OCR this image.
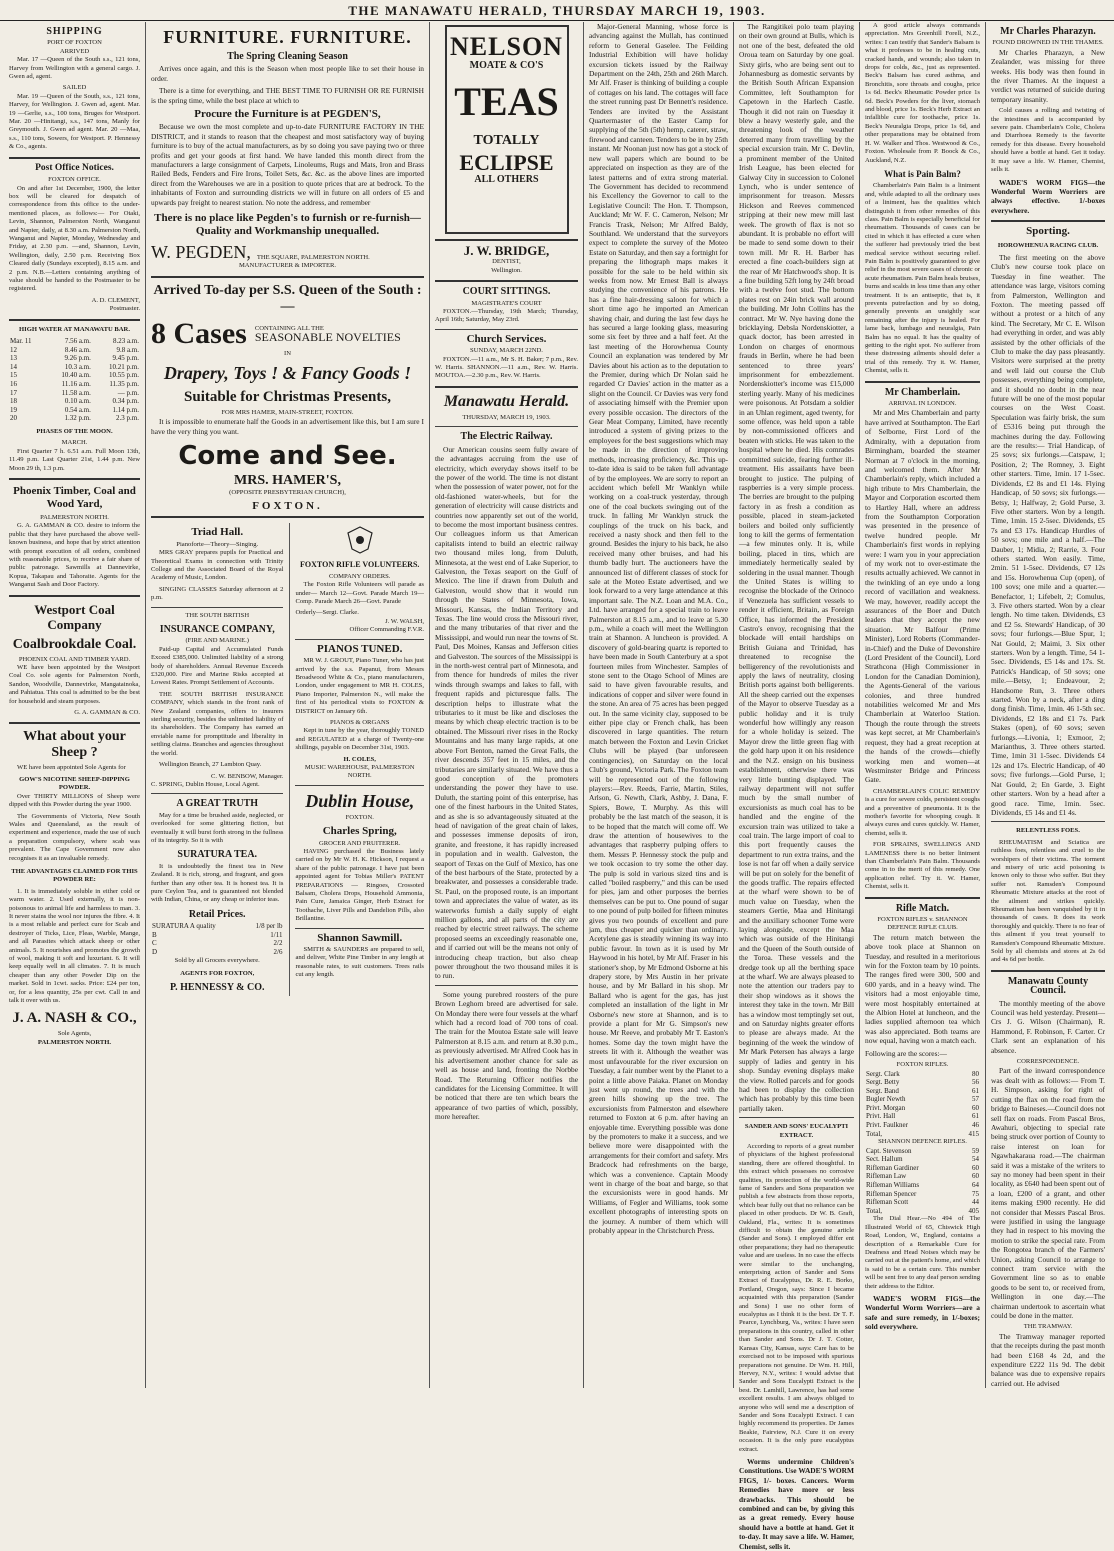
THE MANAWATU HERALD, THURSDAY MARCH 19, 1903.
SHIPPING
PORT OF FOXTON
ARRIVED

Mar. 17 —Queen of the South s.s., 121 tons, Harvey from Wellington with a general cargo. J. Gwen ad, agent.

SAILED

Mar. 19 —Queen of the South, s.s., 121 tons, Harvey, for Wellington. J. Gwen ad, agent. Mar. 19 —Gerlie, s.s., 100 tons, Bruges for Westport. Mar. 20 —Hinitangi, s.s., 147 tons, Manly for Greymouth. J. Gwen ad agent. Mar. 20 —Maa, s.s., 110 tons, Sowers, for Westport. P. Hennessy & Co., agents.

Post Office Notices.
FOXTON OFFICE.

On and after 1st December, 1900, the letter box will be cleared for despatch of correspondence from this office to the under-mentioned places, as follows:— For Otaki, Levin, Shannon, Palmerston North, Wanganui and Napier, daily, at 8.30 a.m. Palmerston North, Wanganui and Napier, Monday, Wednesday and Friday, at 2.30 p.m. —and, Shannon, Levin, Wellington, daily, 2.50 p.m. Receiving Box Cleared daily (Sundays excepted), 8.15 a.m. and 2 p.m. N.B.—Letters containing anything of value should be handed to the Postmaster to be registered.

A. D. CLEMENT,
Postmaster.
HIGH WATER AT MANAWATU BAR.
Mar. 11	7.56 a.m.	8.23 a.m.
12	8.46 a.m.	9.8 a.m.
13	9.26 p.m.	9.45 p.m.
14	10.3 a.m.	10.21 p.m.
15	10.40 a.m.	10.55 p.m.
16	11.16 a.m.	11.35 p.m.
17	11.58 a.m.	— p.m.
18	0.10 a.m.	0.34 p.m.
19	0.54 a.m.	1.14 p.m.
20	1.32 p.m.	2.3 p.m.
PHASES OF THE MOON.
MARCH.

First Quarter 7 h. 6.51 a.m. Full Moon 13th, 11.49 p.m. Last Quarter 21st, 1.44 p.m. New Moon 29 th, 1.3 p.m.

Phoenix Timber, Coal and Wood Yard,
PALMERSTON NORTH.

G. A. GAMMAN & CO. desire to inform the public that they have purchased the above well-known business, and hope that by strict attention with prompt execution of all orders, combined with reasonable prices, to receive a fair share of public patronage. Sawmills at Dannevirke, Kopua, Takapau and Tahoraite. Agents for the Wanganui Sash and Door Factory.

Westport Coal Company
Coalbrookdale Coal.
PHOENIX COAL AND TIMBER YARD.

WE have been appointed by the Westport Coal Co. sole agents for Palmerston North, Sandon, Woodville, Dannevirke, Mangatainoka, and Pahiatua. This coal is admitted to be the best for household and steam purposes.

G. A. GAMMAN & CO.
What about your Sheep ?

WE have been appointed Sole Agents for

GOW'S NICOTINE SHEEP-DIPPING POWDER.

Over THIRTY MILLIONS of Sheep were dipped with this Powder during the year 1900.

The Governments of Victoria, New South Wales and Queensland, as the result of experiment and experience, made the use of such a preparation compulsory, where scab was prevalent. The Cape Government now also recognises it as an invaluable remedy.

THE ADVANTAGES CLAIMED FOR THIS POWDER RE:

1. It is immediately soluble in either cold or warm water. 2. Used externally, it is non-poisonous to animal life and harmless to man. 3. It never stains the wool nor injures the fibre. 4. It is a most reliable and perfect cure for Scab and destroyer of Ticks, Lice, Fleas, Warble, Mange, and all Parasites which attack sheep or other animals. 5. It nourishes and promotes the growth of wool, making it soft and luxuriant. 6. It will keep equally well in all climates. 7. It is much cheaper than any other Powder Dip on the market. Sold in 1cwt. sacks. Price: £24 per ton, or, for a less quantity, 25s per cwt. Call in and talk it over with us.

J. A. NASH & CO.,
Sole Agents,
PALMERSTON NORTH.
FURNITURE. FURNITURE.
The Spring Cleaning Season

Arrives once again, and this is the Season when most people like to set their house in order.

There is a time for everything, and THE BEST TIME TO FURNISH OR RE FURNISH is the spring time, while the best place at which to

Procure the Furniture is at PEGDEN'S,

Because we own the most complete and up-to-date FURNITURE FACTORY IN THE DISTRICT, and it stands to reason that the cheapest and most satisfactory way of buying furniture is to buy of the actual manufacturers, as by so doing you save paying two or three profits and get your goods at first hand. We have landed this month direct from the manufacturers a large consignment of Carpets, Linoleums, Rugs and Mats, Iron and Brass Railed Beds, Fenders and Fire Irons, Toilet Sets, &c. &c. as the above lines are imported direct from the Warehouses we are in a position to quote prices that are at bedrock. To the inhabitants of Foxton and surrounding districts we will in future on all orders of £5 and upwards pay freight to nearest station. No note the address, and remember

There is no place like Pegden's to furnish or re-furnish—Quality and Workmanship unequalled.
W. PEGDEN, THE SQUARE, PALMERSTON NORTH.
MANUFACTURER & IMPORTER.
Arrived To-day per S.S. Queen of the South :—
8 Cases CONTAINING ALL THE
SEASONABLE NOVELTIES
IN
Drapery, Toys ! & Fancy Goods !
Suitable for Christmas Presents,
FOR MRS HAMER, MAIN-STREET, FOXTON.

It is impossible to enumerate half the Goods in an advertisement like this, but I am sure I have the very thing you want.

Come and See.
MRS. HAMER'S,
(OPPOSITE PRESBYTERIAN CHURCH),
FOXTON.
Triad Hall.
Pianoforte—Theory—Singing.

MRS GRAY prepares pupils for Practical and Theoretical Exams in connection with Trinity College and the Associated Board of the Royal Academy of Music, London.

SINGING CLASSES Saturday afternoon at 2 p.m.

THE SOUTH BRITISH
INSURANCE COMPANY,
(FIRE AND MARINE.)

Paid-up Capital and Accumulated Funds Exceed £385,000. Unlimited liability of a strong body of shareholders. Annual Revenue Exceeds £320,000. Fire and Marine Risks accepted at Lowest Rates. Prompt Settlement of Accounts.

THE SOUTH BRITISH INSURANCE COMPANY, which stands in the front rank of New Zealand companies, offers to insurers sterling security, besides the unlimited liability of its shareholders. The Company has earned an enviable name for promptitude and liberality in settling claims. Branches and agencies throughout the world.

Wellington Branch, 27 Lambton Quay.

C. W. BENBOW, Manager.
C. SPRING, Dublin House, Local Agent.
A GREAT TRUTH

May for a time be brushed aside, neglected, or overlooked for some glittering fiction, but eventually it will burst forth strong in the fullness of its integrity. So it is with

SURATURA TEA.

It is undoubtedly the finest tea in New Zealand. It is rich, strong, and fragrant, and goes further than any other tea. It is honest tea. It is pure Ceylon Tea, and is guaranteed not blended with Indian, China, or any cheap or inferior teas.

Retail Prices.
SURATURA A quality	1/8 per lb
B	1/11
C	2/2
D	2/6
Sold by all Grocers everywhere.
AGENTS FOR FOXTON,
P. HENNESSY & CO.
FOXTON RIFLE VOLUNTEERS.
COMPANY ORDERS.

The Foxton Rifle Volunteers will parade as under— March 12—Govt. Parade March 19—Comp. Parade March 26—Govt. Parade

Orderly—Sergt. Clarke.
J. W. WALSH,
Officer Commanding F.V.R.
PIANOS TUNED.

MR W. J. GROUT, Piano Tuner, who has just arrived by the s.s. Papanui, from Messrs Broadwood White & Co., piano manufacturers, London, under engagement to MR H. COLES, Piano Importer, Palmerston N., will make the first of his periodical visits to FOXTON & DISTRICT on January 6th.

PIANOS & ORGANS

Kept in tune by the year, thoroughly TONED and REGULATED at a charge of Twenty-one shillings, payable on December 31st, 1903.

H. COLES,
MUSIC WAREHOUSE, PALMERSTON NORTH.
Dublin House,
FOXTON.
Charles Spring,
GROCER AND FRUITERER.

HAVING purchased the Business lately carried on by Mr W. H. K. Hickson, I request a share of the public patronage. I have just been appointed agent for Tobias Miller's PATENT PREPARATIONS — Ringoes, Crossoted Balsam, Cholera Drops, Household Ammonia, Pain Cure, Jamaica Ginger, Herb Extract for Toothache, Liver Pills and Dandelion Pills, also Brillantine.

Shannon Sawmill.

SMITH & SAUNDERS are prepared to sell, and deliver, White Pine Timber in any length at reasonable rates, to suit customers. Trees rails cut any length.

NELSON
MOATE & CO'S
TEAS
TOTALLY
ECLIPSE
ALL OTHERS
J. W. BRIDGE,
DENTIST,
Wellington.
COURT SITTINGS.
MAGISTRATE'S COURT

FOXTON.—Thursday, 19th March; Thursday, April 16th; Saturday, May 23rd.

Church Services.
SUNDAY, MARCH 22ND.

FOXTON.—11 a.m., Mr S. H. Baker; 7 p.m., Rev. W. Harris. SHANNON.—11 a.m., Rev. W. Harris. MOUTOA.—2.30 p.m., Rev. W. Harris.

Manawatu Herald.
THURSDAY, MARCH 19, 1903.
The Electric Railway.

Our American cousins seem fully aware of the advantages accruing from the use of electricity, which everyday shows itself to be the power of the world. The time is not distant when the possession of water power, not for the old-fashioned water-wheels, but for the generation of electricity will cause districts and countries now apparently set out of the world, to become the most important business centres. Our colleagues inform us that American capitalists intend to build an electric railway two thousand miles long, from Duluth, Minnesota, at the west end of Lake Superior, to Galveston, the Texas seaport on the Gulf of Mexico. The line if drawn from Duluth and Galveston, would show that it would run through the States of Minnesota, Iowa, Missouri, Kansas, the Indian Territory and Texas. The line would cross the Missouri river, and the many tributaries of that river and the Mississippi, and would run near the towns of St. Paul, Des Moines, Kansas and Jefferson cities and Galveston. The sources of the Mississippi is in the north-west central part of Minnesota, and from thence for hundreds of miles the river winds through swamps and lakes to fall, with frequent rapids and picturesque falls. The description helps to illustrate what the tributaries to it must be like and discloses the means by which cheap electric traction is to be obtained. The Missouri river rises in the Rocky Mountains and has many large rapids, at one above Fort Benton, named the Great Falls, the river descends 357 feet in 15 miles, and the tributaries are similarly situated. We have thus a good conception of the promoters understanding the power they have to use. Duluth, the starting point of this enterprise, has one of the finest harbours in the United States, and as she is so advantageously situated at the head of navigation of the great chain of lakes, and possesses immense deposits of iron, granite, and freestone, it has rapidly increased in population and in wealth. Galveston, the seaport of Texas on the Gulf of Mexico, has one of the best harbours of the State, protected by a breakwater, and possesses a considerable trade. St. Paul, on the proposed route, is an important town and appreciates the value of water, as its waterworks furnish a daily supply of eight million gallons, and all parts of the city are reached by electric street railways. The scheme proposed seems an exceedingly reasonable one, and if carried out will be the means not only of introducing cheap traction, but also cheap power throughout the two thousand miles it is to run.

Some young purebred roosters of the pure Brown Leghorn breed are advertised for sale. On Monday there were four vessels at the wharf which had a record load of 700 tons of coal. The train for the Moutoa Estate sale will leave Palmerston at 8.15 a.m. and return at 8.30 p.m., as previously advertised. Mr Alfred Cook has in his advertisement another chance for sale as well as house and land, fronting the Norbbe Road. The Returning Officer notifies the candidates for the Licensing Committee. It will be noticed that there are ten which bears the appearance of two parties of which, possibly, more hereafter.

Major-General Manning, whose force is advancing against the Mullah, has continued reform to General Gaselee. The Feilding Industrial Exhibition will have holiday excursion tickets issued by the Railway Department on the 24th, 25th and 26th March. Mr Alf. Fraser is thinking of building a couple of cottages on his land. The cottages will face the street running past Dr Bennett's residence. Tenders are invited by the Assistant Quartermaster of the Easter Camp for supplying of the 5th (5th) hemp, caterer, straw, firewood and canteen. Tenders to be in by 25th instant. Mr Noonan just now has got a stock of new wall papers which are bound to be appreciated on inspection as they are of the latest patterns and of extra strong material. The Government has decided to recommend his Excellency the Governor to call to the Legislative Council: The Hon. T. Thompson, Auckland; Mr W. F. C. Cameron, Nelson; Mr Francis Trask, Nelson; Mr Alfred Baldy, Southland. We understand that the surveyors expect to complete the survey of the Moteo Estate on Saturday, and then say a fortnight for preparing the lithograph maps makes it possible for the sale to be held within six weeks from now. Mr Ernest Ball is always studying the convenience of his patrons. He has a fine hair-dressing saloon for which a short time ago he imported an American shaving chair, and during the last few days he has secured a large looking glass, measuring some six feet by three and a half feet. At the last meeting of the Horowhenua County Council an explanation was tendered by Mr Davies about his action as to the deputation to the Premier, during which Dr Nolan said he regarded Cr Davies' action in the matter as a slight on the Council. Cr Davies was very fond of associating himself with the Premier upon every possible occasion. The directors of the Gear Meat Company, Limited, have recently introduced a system of giving prizes to the employees for the best suggestions which may be made in the direction of improving methods, increasing proficiency, &c. This up-to-date idea is said to be taken full advantage of by the employees. We are sorry to report an accident which befell Mr Wanklyn while working on a coal-truck yesterday, through one of the coal buckets swinging out of the truck. In falling Mr Wanklyn struck the couplings of the truck on his back, and received a nasty shock and then fell to the ground. Besides the injury to his back, he also received many other bruises, and had his thumb badly hurt. The auctioneers have the announced list of different classes of stock for sale at the Moteo Estate advertised, and we look forward to a very large attendance at this important sale. The N.Z. Loan and M.A. Co., Ltd. have arranged for a special train to leave Palmerston at 8.15 a.m., and to leave at 5.30 p.m., while a coach will meet the Wellington train at Shannon. A luncheon is provided. A discovery of gold-bearing quartz is reported to have been made in South Canterbury at a spot fourteen miles from Winchester. Samples of stone sent to the Otago School of Mines are said to have given favourable results, and indications of copper and silver were found in the stone. An area of 75 acres has been pegged out. In the same vicinity clay, supposed to be either pipe clay or French chalk, has been discovered in large quantities. The return match between the Foxton and Levin Cricket Clubs will be played (bar unforeseen contingencies), on Saturday on the local Club's ground, Victoria Park. The Foxton team will be represented out of the following players:—Rev. Reeds, Farrie, Martin, Stiles, Arlson, G. Newth, Clark, Ashby, J. Dana, F. Spiers, Bowe, T. Murphy. As this will probably be the last match of the season, it is to be hoped that the match will come off. We draw the attention of housewives to the advantages that raspberry pulping offers to them. Messrs P. Hennessy stock the pulp and we took occasion to try some the other day. The pulp is sold in various sized tins and is called "boiled raspberry," and this can be used for pies, jam and other purposes the berries themselves can be put to. One pound of sugar to one pound of pulp boiled for fifteen minutes gives you two pounds of excellent and pure jam, thus cheaper and quicker than ordinary. Acetylene gas is steadily winning its way into public favour. In town as it is used by Mr Haywood in his hotel, by Mr Alf. Fraser in his stationer's shop, by Mr Edmond Osborne at his drapery store, by Mrs Austin in her private house, and by Mr Ballard in his shop. Mr Ballard who is agent for the gas, has just completed an installation of the light in Mr Osborne's new store at Shannon, and is to provide a plant for Mr G. Simpson's new house. Mr Reeve, and probably Mr T. Easton's homes. Some day the town might have the streets lit with it. Although the weather was most unfavourable for the river excursion on Tuesday, a fair number went by the Planet to a point a little above Paiaka. Planet on Monday just went up round, the trees and with the green hills showing up the tree. The excursionists from Palmerston and elsewhere returned to Foxton at 6 p.m. after having an enjoyable time. Everything possible was done by the promoters to make it a success, and we believe more were disappointed with the arrangements for their comfort and safety. Mrs Bradcock had refreshments on the barge, which was a convenience. Captain Moody went in charge of the boat and barge, so that the excursionists were in good hands. Mr Williams, of Fegler and Williams, took some excellent photographs of interesting spots on the journey. A number of them which will probably appear in the Christchurch Press.

The Rangitikei polo team playing on their own ground at Bulls, which is not one of the best, defeated the old Oroua team on Saturday by one goal. Sixty girls, who are being sent out to Johannesburg as domestic servants by the British South African Expansion Committee, left Southampton for Capetown in the Harlech Castle. Though it did not rain on Tuesday it blew a heavy westerly gale, and the threatening look of the weather deterred many from travelling by the special excursion train. Mr C. Devlin, a prominent member of the United Irish League, has been elected for Galway City in succession to Colonel Lynch, who is under sentence of imprisonment for treason. Messrs Hickson and Reeves commenced stripping at their new mew mill last week. The growth of flax is not so abundant. It is probable no effort will be made to send some down to their town mill. Mr R. H. Barber has erected a fine coach-builders sign at the rear of Mr Hatchwood's shop. It is a fine building 52ft long by 24ft broad with a twelve foot stud. The bottom plates rest on 24in brick wall around the building. Mr John Collins has the contract. Mr W. Nye having done the bricklaying. Debsla Nordenskiotter, a quack doctor, has been arrested in London on charges of enormous frauds in Berlin, where he had been sentenced to three years' imprisonment for embezzlement. Nordenskiotter's income was £15,000 sterling yearly. Many of his medicines were poisonous. At Potsdam a soldier in an Uhlan regiment, aged twenty, for some offence, was held upon a table by non-commissioned officers and beaten with sticks. He was taken to the hospital where he died. His comrades committed suicide, fearing further ill-treatment. His assailants have been brought to justice. The pulping of raspberries is a very simple process. The berries are brought to the pulping factory in as fresh a condition as possible, placed in steam-jacketed boilers and boiled only sufficiently long to kill the germs of fermentation—a few minutes only. It is, while boiling, placed in tins, which are immediately hermetically sealed by soldering in the usual manner. Though the United States is willing to recognise the blockade of the Orinoco if Venezuela has sufficient vessels to render it efficient, Britain, as Foreign Office, has informed the President Castro's envoy, recognising that the blockade will entail hardships on British Guiana and Trinidad, has threatened to recognise the belligerency of the revolutionists and apply the laws of neutrality, closing British ports against both belligerents. All the sheep carried out the expenses of the Mayor to observe Tuesday as a public holiday and it is truly wonderful how willingly any reason for a whole holiday is seized. The Mayor drew the little green flag with the gold harp upon it on his residence and the N.Z. ensign on his business establishment, otherwise there was very little bunting displayed. The railway department will not suffer much by the small number of excursionists as much coal has to be handled and the engine of the excursion train was utilized to take a coal train. The large import of coal to this port frequently causes the department to run extra trains, and the lose is not far off when a daily service will be put on solely for the benefit of the goods traffic. The repairs effected at the wharf were shown to be of much value on Tuesday, when the steamers Gertie, Maa and Hinitangi and the auxiliary schooner Tome were laying alongside, except the Maa which was outside of the Hinitangi and the Queen of the South outside of the Toroa. These vessels and the dredge took up all the berthing space at the wharf. We are always pleased to note the attention our traders pay to their shop windows as it shows the interest they take in the town. Mr Bill has a window most temptingly set out, and on Saturday nights greater efforts to please are always made. At the beginning of the week the window of Mr Mark Petersen has always a large supply of ladies and gentry in his shop. Sunday evening displays make the view. Rolled parcels and for goods had been to display the collection which has probably by this time been partially taken.

SANDER AND SONS' EUCALYPTI EXTRACT.

According to reports of a great number of physicians of the highest professional standing, there are offered thoughtful. In this extract which possesses no corrosive qualities, its protection of the world-wide fame of Sanders and Sons preparation we publish a few abstracts from those reports, which bear fully out that no reliance can be placed in other products. Dr W. B. Graft, Oakland, Fla., writes: It is sometimes difficult to obtain the genuine article (Sander and Sons). I employed differ ent other preparations; they had no therapeutic value and are useless. In no case the effects were similar to the unchanging, enterprising action of Sander and Sons Extract of Eucalyptus, Dr. R. E. Borko, Portland, Oregon, says: Since I became acquainted with this preparation (Sander and Sons) I use no other form of eucalyptus as I think it is the best. Dr T. F. Pearce, Lynchburg, Va., writes: I have seen preparations in this country, called in other than Sander and Sons. Dr J. T. Cotter, Kansas City, Kansas, says: Care has to be exercised not to be imposed with spurious preparations not genuine. Dr Wm. H. Hill, Hervey, N.Y., writes: I would advise that Sander and Sons Eucalypti Extract is the best. Dr. Lamhill, Lawrence, has had some excellent results. I am always obliged to anyone who will send me a description of Sander and Sons Eucalypti Extract. I can highly recommend its properties. Dr James Beakie, Fairview, N.J. Cure it on every occasion. It is the only pure eucalyptus extract.

Worms undermine Children's Constitutions. Use WADE'S WORM FIGS, 1/- boxes. Cancers. Worm Remedies have more or less drawbacks. This should be combined and can be, by giving this as a great remedy. Every house should have a bottle at hand. Get it to-day. It may save a life. W. Hamer, Chemist, sells it.

A good article always commands appreciation. Mrs Greenhill Forell, N.Z., writes: I can testify that Sander's Balsam is what it professes to be in healing cuts, cracked hands, and wounds; also taken in drops for colds, &c., just as represented. Beck's Balsam has cured asthma, and Bronchitis, sore throats and coughs, price 1s 6d. Beck's Rheumatic Powder price 1s 6d. Beck's Powders for the liver, stomach and blood, price 1s. Beck's Herb Extract an infallible cure for toothache, price 1s. Beck's Neuralgia Drops, price 1s 6d, and other preparations may be obtained from H. W. Walker and Thos. Westwood & Co., Foxton. Wholesale from P. Boock & Co., Auckland, N.Z.

What is Pain Balm?

Chamberlain's Pain Balm is a liniment and, while adapted to all the ordinary uses of a liniment, has the qualities which distinguish it from other remedies of this class. Pain Balm is especially beneficial for rheumatism. Thousands of cases can be cited in which it has effected a cure when the sufferer had previously tried the best medical service without securing relief. Pain Balm is positively guaranteed to give relief in the most severe cases of chronic or acute rheumatism. Pain Balm heals bruises, burns and scalds in less time than any other treatment. It is an antiseptic, that is, it prevents putrefaction and by so doing, generally prevents an unsightly scar remaining after the injury is healed. For lame back, lumbago and neuralgia, Pain Balm has no equal. It has the quality of getting to the right spot. No sufferer from these distressing ailments should defer a trial of this remedy. Try it. W. Hamer, Chemist, sells it.

Mr Chamberlain.
ARRIVAL IN LONDON.

Mr and Mrs Chamberlain and party have arrived at Southampton. The Earl of Selborne, First Lord of the Admiralty, with a deputation from Birmingham, boarded the steamer Norman at 7 o'clock in the morning, and welcomed them. After Mr Chamberlain's reply, which included a high tribute to Mrs Chamberlain, the Mayor and Corporation escorted them to Hartley Hall, where an address from the Southampton Corporation was presented in the presence of twelve hundred people. Mr Chamberlain's first words in replying were: I warn you in your appreciation of my work not to over-estimate the results actually achieved. We cannot in the twinkling of an eye undo a long record of vacillation and weakness. We may, however, readily accept the assurances of the Boer and Dutch leaders that they accept the new situation. Mr Balfour (Prime Minister), Lord Roberts (Commander-in-Chief) and the Duke of Devonshire (Lord President of the Council), Lord Strathcona (High Commissioner in London for the Canadian Dominion), the Agents-General of the various colonies, and three hundred notabilities welcomed Mr and Mrs Chamberlain at Waterloo Station. Though the route through the streets was kept secret, at Mr Chamberlain's request, they had a great reception at the hands of the crowds—chiefly working men and women—at Westminster Bridge and Princess Gate.

CHAMBERLAIN'S COLIC REMEDY is a cure for severe colds, persistent coughs and a preventive of pneumonia. It is the mother's favorite for whooping cough. It always cures and cures quickly. W. Hamer, chemist, sells it.

FOR SPRAINS, SWELLINGS AND LAMENESS there is no better liniment than Chamberlain's Pain Balm. Thousands come in to the merit of this remedy. One application relief. Try it. W. Hamer, Chemist, sells it.

Rifle Match.
FOXTON RIFLES v. SHANNON DEFENCE RIFLE CLUB.

The return match between the above took place at Shannon on Tuesday, and resulted in a meritorious win for the Foxton team by 10 points. The ranges fired were 300, 500 and 600 yards, and in a heavy wind. The visitors had a most enjoyable time, were most hospitably entertained at the Albion Hotel at luncheon, and the ladies supplied afternoon tea which was also appreciated. Both teams are now equal, having won a match each.

Following are the scores:—

FOXTON RIFLES.
Sergt. Clark	80
Sergt. Betty	56
Sergt. Band	61
Bugler Newth	57
Privt. Morgan	60
Privt. Hall	61
Privt. Faulkner	46
Total,	415
SHANNON DEFENCE RIFLES.
Capt. Stevenson	59
Sect. Hallum	54
Rifleman Gardiner	60
Rifleman Law	60
Rifleman Williams	64
Rifleman Spencer	75
Rifleman Scott	44
Total,	405

The Dial Hear.—No 494 of The Illustrated World of 65, Chiswick High Road, London, W., England, contains a description of a Remarkable Cure for Deafness and Head Noises which may be carried out at the patient's home, and which is said to be a certain cure. This number will be sent free to any deaf person sending their address to the Editor.

WADE'S WORM FIGS—the Wonderful Worm Worriers—are a safe and sure remedy, in 1/-boxes; sold everywhere.

Mr Charles Pharazyn.
FOUND DROWNED IN THE THAMES.

Mr Charles Pharazyn, a New Zealander, was missing for three weeks. His body was then found in the river Thames. At the inquest a verdict was returned of suicide during temporary insanity.

Cold causes a rolling and twisting of the intestines and is accompanied by severe pain. Chamberlain's Colic, Cholera and Diarrhoea Remedy is the favorite remedy for this disease. Every household should have a bottle at hand. Get it today. It may save a life. W. Hamer, Chemist, sells it.

WADE'S WORM FIGS—the Wonderful Worm Worriers are always effective. 1/-boxes everywhere.

Sporting.
HOROWHENUA RACING CLUB.

The first meeting on the above Club's new course took place on Tuesday in fine weather. The attendance was large, visitors coming from Palmerston, Wellington and Foxton. The meeting passed off without a protest or a hitch of any kind. The Secretary, Mr C. E. Wilson had everything in order, and was ably assisted by the other officials of the Club to make the day pass pleasantly. Visitors were surprised at the pretty and well laid out course the Club possesses, everything being complete, and it should no doubt in the near future will be one of the most popular courses on the West Coast. Speculation was fairly brisk, the sum of £5316 being put through the machines during the day. Following are the results:— Trial Handicap, of 25 sovs; six furlongs.—Catspaw, 1; Position, 2; The Romney, 3. Eight other starters. Time, 1min. 17 1-5sec. Dividends, £2 8s and £1 14s. Flying Handicap, of 50 sovs; six furlongs.—Betsy, 1; Halfway, 2; Gold Purse, 3. Five other starters. Won by a length. Time, 1min. 15 2-5sec. Dividends, £5 7s and £3 17s. Handicap Hurdles of 50 sovs; one mile and a half.—The Dauber, 1; Midia, 2; Rarrie, 3. Four others started. Won easily. Time, 2min. 51 1-5sec. Dividends, £7 12s and 15s. Horowhenua Cup (open), of 100 sovs; one mile and a quarter.—Benefactor, 1; Lifebelt, 2; Comulus, 3. Five others started. Won by a clear length. No time taken. Dividends, £3 and £2 5s. Stewards' Handicap, of 30 sovs; four furlongs.—Blue Spur, 1; Nat Gould, 2; Maimi, 3. Six other starters. Won by a length. Time, 54 1-5sec. Dividends, £5 14s and 17s. St. Patrick's Handicap, of 50 sovs; one mile.—Betsy, 1; Endeavour, 2; Handsome Run, 3. Three others started. Won by a neck, after a ding dong finish. Time, 1min. 46 1-5th sec. Dividends, £2 18s and £1 7s. Park Stakes (open), of 60 sovs; seven furlongs.—Livonia, 1; Exmoor, 2; Marianthus, 3. Three others started. Time, 1min 31 1-5sec. Dividends £4 12s and 17s. Electric Handicap, of 40 sovs; five furlongs.—Gold Purse, 1; Nat Gould, 2; En Garde, 3. Eight other starters. Won by a head after a good race. Time, 1min. 5sec. Dividends, £5 14s and £1 4s.

RELENTLESS FOES.

RHEUMATISM and Sciatica are ruthless foes, relentless and cruel to the worshipers of their victims. The torment and misery of uric acid poisoning is known only to those who suffer. But they suffer not. Ramsden's Compound Rheumatic Mixture attacks at the root of the ailment and strikes quickly. Rheumatism has been vanquished by it in thousands of cases. It does its work thoroughly and quickly. There is no fear of this ailment if you treat yourself to Ramsden's Compound Rheumatic Mixture. Sold by all chemists and stores at 2s 6d and 4s 6d per bottle.

Manawatu County Council.

The monthly meeting of the above Council was held yesterday. Present—Crs J. G. Wilson (Chairman), R. Hammond, F. Robinson, F. Carter. Cr Clark sent an explanation of his absence.

CORRESPONDENCE.

Part of the inward correspondence was dealt with as follows:— From T. H. Simpson, asking for right of cutting the flax on the road from the bridge to Baineses.—Council does not sell flax on roads. From Pascal Bros, Awahuri, objecting to special rate being struck over portion of County to raise interest on loan for Ngawhakaraua road.—The chairman said it was a mistake of the writers to say no money had been spent in their locality, as £640 had been spent out of a loan, £200 of a grant, and other items making £900 recently. He did not consider that Messrs Pascal Bros. were justified in using the language they had in respect to his moving the motion to strike the special rate. From the Rongotea branch of the Farmers' Union, asking Council to arrange to connect tram service with the Government line so as to enable goods to be sent to, or received from, Wellington in one day.—The chairman undertook to ascertain what could be done in the matter.

THE TRAMWAY.

The Tramway manager reported that the receipts during the past month had been £168 4s 2d, and the expenditure £222 11s 9d. The debit balance was due to expensive repairs carried out. He advised
